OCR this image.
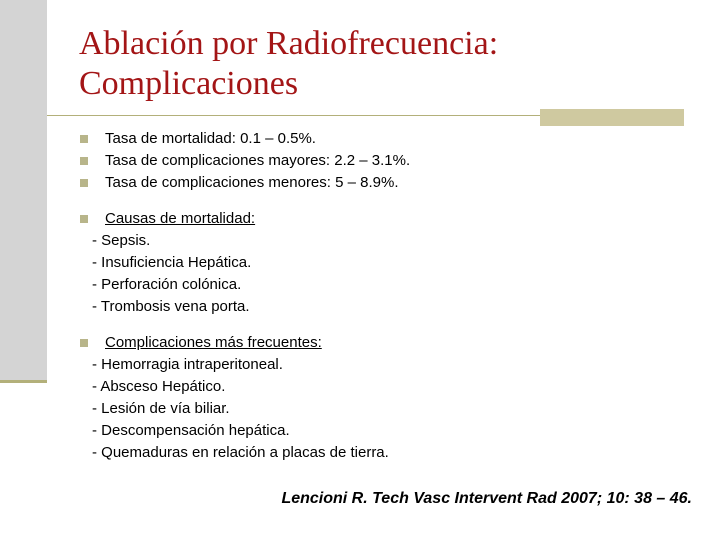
Ablación por Radiofrecuencia:
Complicaciones
Tasa de mortalidad: 0.1 – 0.5%.
Tasa de complicaciones mayores: 2.2 – 3.1%.
Tasa de complicaciones menores: 5 – 8.9%.
Causas de mortalidad:
- Sepsis.
- Insuficiencia Hepática.
- Perforación colónica.
- Trombosis vena porta.
Complicaciones más frecuentes:
- Hemorragia intraperitoneal.
- Absceso Hepático.
- Lesión de vía biliar.
- Descompensación hepática.
- Quemaduras en relación a placas de tierra.
Lencioni R. Tech Vasc Intervent Rad 2007; 10: 38 – 46.
